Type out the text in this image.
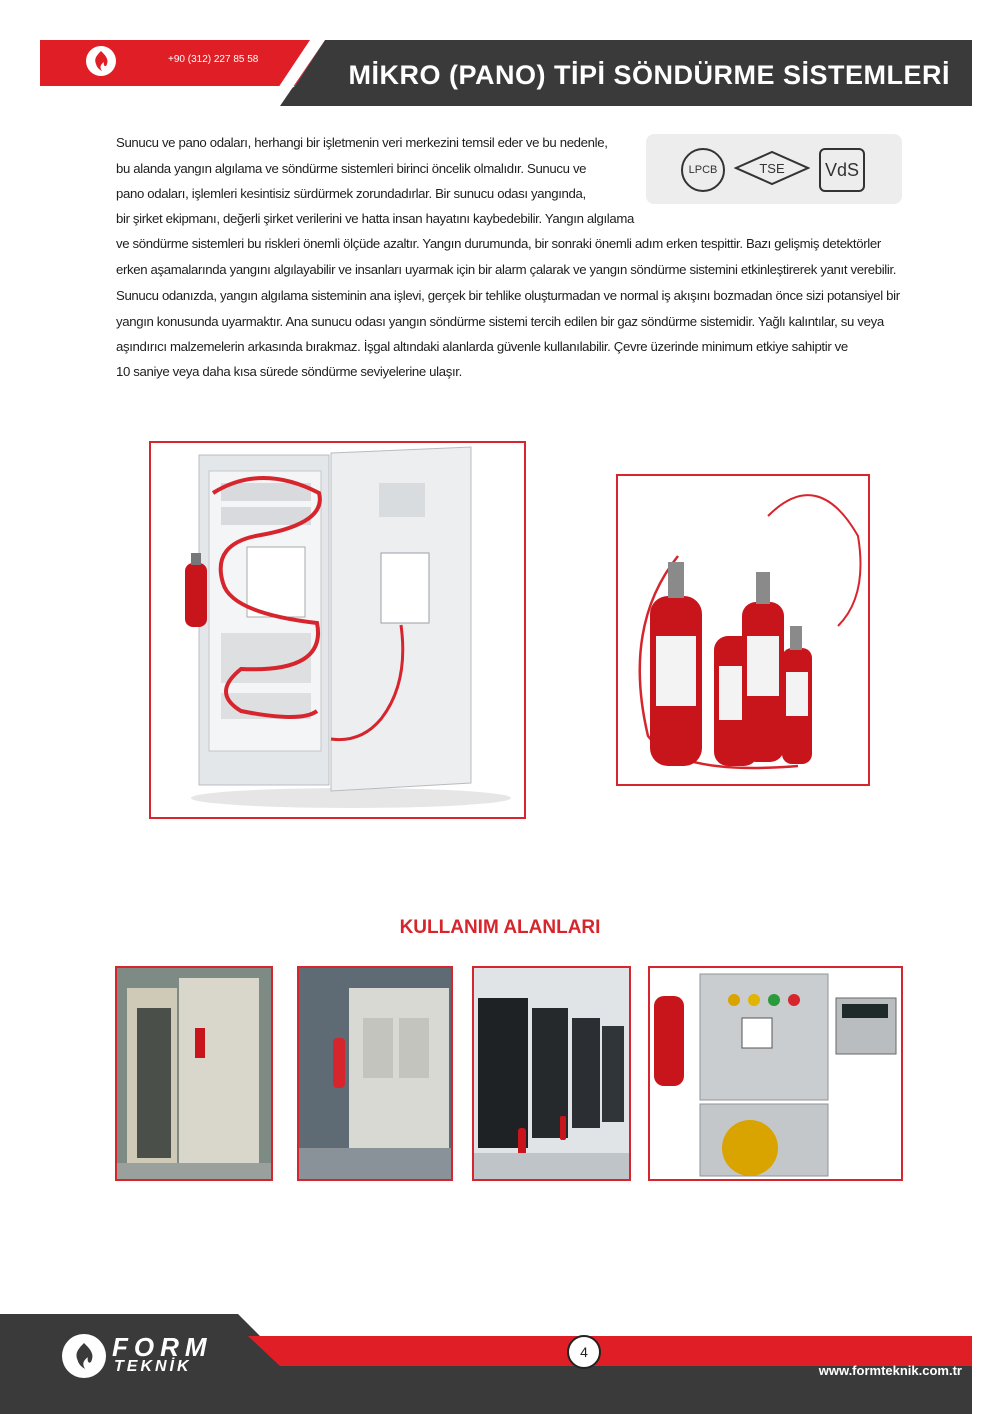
+90 (312) 227 85 58
MİKRO (PANO) TİPİ SÖNDÜRME SİSTEMLERİ
LPCB	TSE	VdS
Sunucu ve pano odaları, herhangi bir işletmenin veri merkezini temsil eder ve bu nedenle,
bu alanda yangın algılama ve söndürme sistemleri birinci öncelik olmalıdır. Sunucu ve
pano odaları, işlemleri kesintisiz sürdürmek zorundadırlar. Bir sunucu odası yangında,
bir şirket ekipmanı, değerli şirket verilerini ve hatta insan hayatını kaybedebilir. Yangın algılama
ve söndürme sistemleri bu riskleri önemli ölçüde azaltır. Yangın durumunda, bir sonraki önemli adım erken tespittir. Bazı gelişmiş detektörler
erken aşamalarında yangını algılayabilir ve insanları uyarmak için bir alarm çalarak ve yangın söndürme sistemini etkinleştirerek yanıt verebilir.
Sunucu odanızda, yangın algılama sisteminin ana işlevi, gerçek bir tehlike oluşturmadan ve normal iş akışını bozmadan önce sizi potansiyel bir
yangın konusunda uyarmaktır. Ana sunucu odası yangın söndürme sistemi tercih edilen bir gaz söndürme sistemidir. Yağlı kalıntılar, su veya
aşındırıcı malzemelerin arkasında bırakmaz. İşgal altındaki alanlarda güvenle kullanılabilir. Çevre üzerinde minimum etkiye sahiptir ve
10 saniye veya daha kısa sürede söndürme seviyelerine ulaşır.
KULLANIM ALANLARI
FORM
TEKNİK
4
www.formteknik.com.tr
